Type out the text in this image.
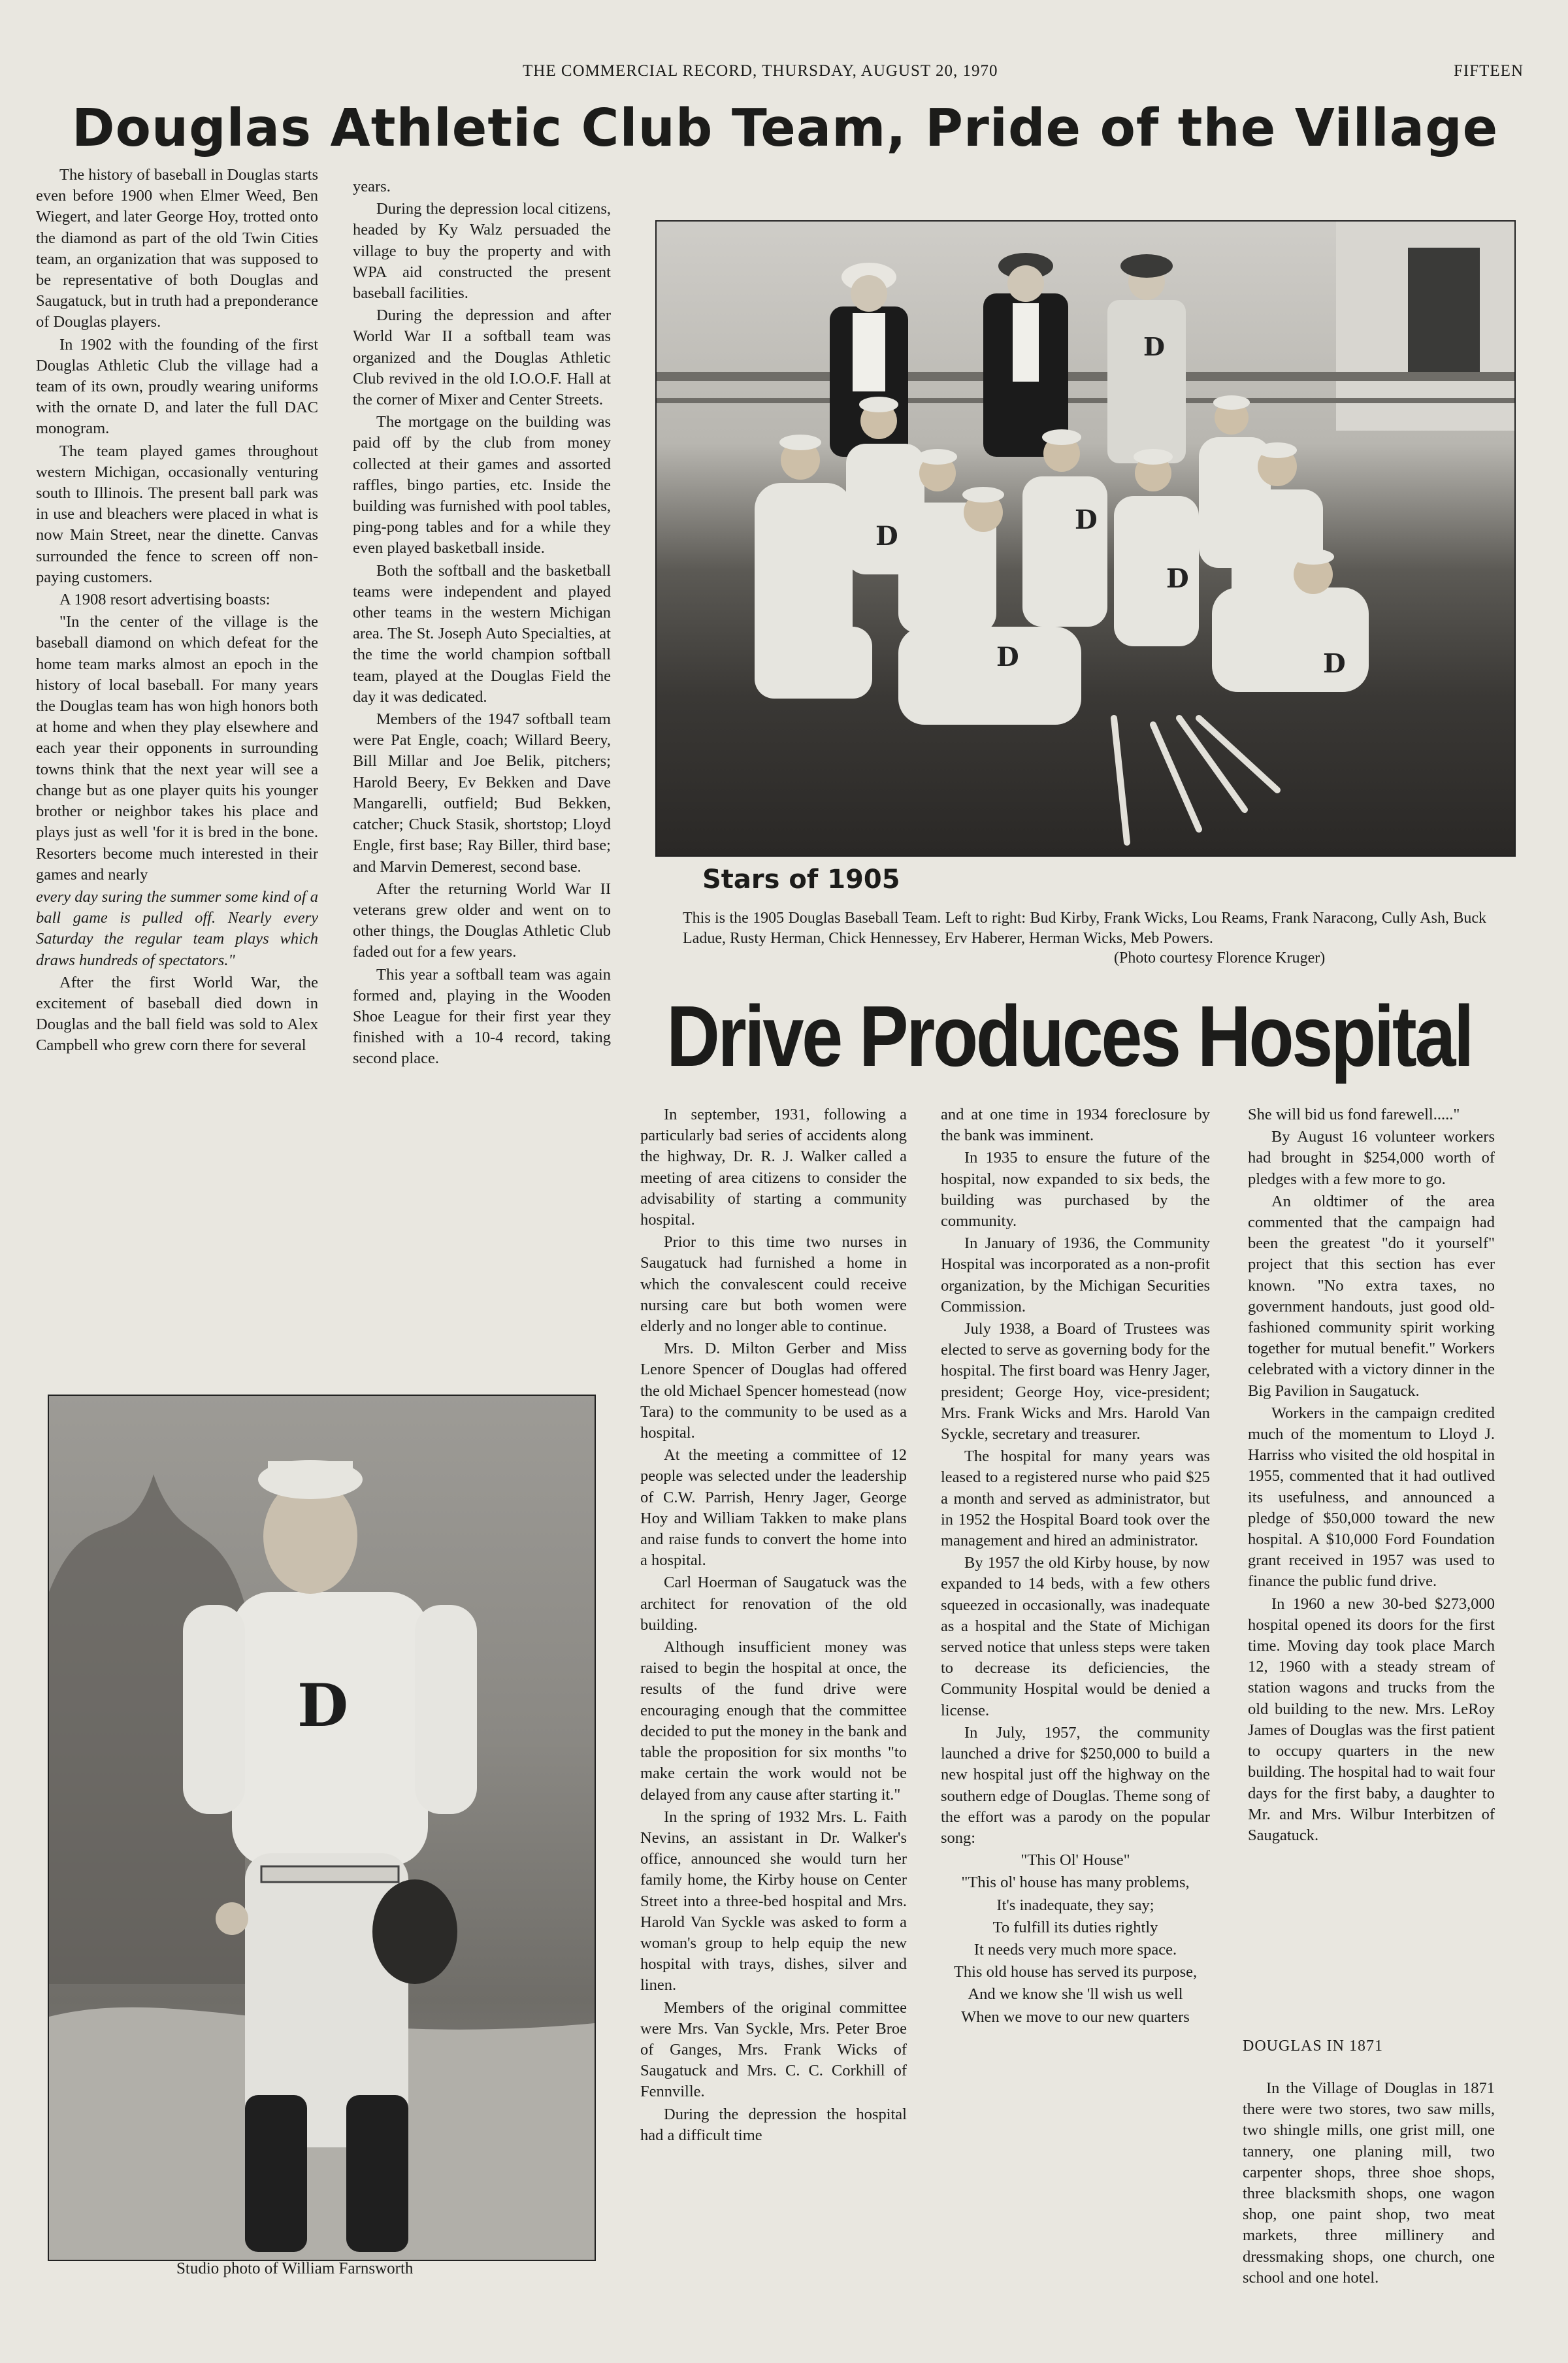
THE COMMERCIAL RECORD, THURSDAY, AUGUST 20, 1970	FIFTEEN
Douglas Athletic Club Team, Pride of the Village

The history of baseball in Douglas starts even before 1900 when Elmer Weed, Ben Wiegert, and later George Hoy, trotted onto the diamond as part of the old Twin Cities team, an organization that was supposed to be representative of both Douglas and Saugatuck, but in truth had a preponderance of Douglas players.

In 1902 with the founding of the first Douglas Athletic Club the village had a team of its own, proudly wearing uniforms with the ornate D, and later the full DAC monogram.

The team played games throughout western Michigan, occasionally venturing south to Illinois. The present ball park was in use and bleachers were placed in what is now Main Street, near the dinette. Canvas surrounded the fence to screen off non-paying customers.

A 1908 resort advertising boasts:

"In the center of the village is the baseball diamond on which defeat for the home team marks almost an epoch in the history of local baseball. For many years the Douglas team has won high honors both at home and when they play elsewhere and each year their opponents in surrounding towns think that the next year will see a change but as one player quits his younger brother or neighbor takes his place and plays just as well 'for it is bred in the bone. Resorters become much interested in their games and nearly

every day suring the summer some kind of a ball game is pulled off. Nearly every Saturday the regular team plays which draws hundreds of spectators."

After the first World War, the excitement of baseball died down in Douglas and the ball field was sold to Alex Campbell who grew corn there for several

years.

During the depression local citizens, headed by Ky Walz persuaded the village to buy the property and with WPA aid constructed the present baseball facilities.

During the depression and after World War II a softball team was organized and the Douglas Athletic Club revived in the old I.O.O.F. Hall at the corner of Mixer and Center Streets.

The mortgage on the building was paid off by the club from money collected at their games and assorted raffles, bingo parties, etc. Inside the building was furnished with pool tables, ping-pong tables and for a while they even played basketball inside.

Both the softball and the basketball teams were independent and played other teams in the western Michigan area. The St. Joseph Auto Specialties, at the time the world champion softball team, played at the Douglas Field the day it was dedicated.

Members of the 1947 softball team were Pat Engle, coach; Willard Beery, Bill Millar and Joe Belik, pitchers; Harold Beery, Ev Bekken and Dave Mangarelli, outfield; Bud Bekken, catcher; Chuck Stasik, shortstop; Lloyd Engle, first base; Ray Biller, third base; and Marvin Demerest, second base.

After the returning World War II veterans grew older and went on to other things, the Douglas Athletic Club faded out for a few years.

This year a softball team was again formed and, playing in the Wooden Shoe League for their first year they finished with a 10-4 record, taking second place.

D
D
D
D
D
D
Stars of 1905
This is the 1905 Douglas Baseball Team. Left to right: Bud Kirby, Frank Wicks, Lou Reams, Frank Naracong, Cully Ash, Buck Ladue, Rusty Herman, Chick Hennessey, Erv Haberer, Herman Wicks, Meb Powers.
(Photo courtesy Florence Kruger)
Drive Produces Hospital
D
Studio photo of William Farnsworth

In september, 1931, following a particularly bad series of accidents along the highway, Dr. R. J. Walker called a meeting of area citizens to consider the advisability of starting a community hospital.

Prior to this time two nurses in Saugatuck had furnished a home in which the convalescent could receive nursing care but both women were elderly and no longer able to continue.

Mrs. D. Milton Gerber and Miss Lenore Spencer of Douglas had offered the old Michael Spencer homestead (now Tara) to the community to be used as a hospital.

At the meeting a committee of 12 people was selected under the leadership of C.W. Parrish, Henry Jager, George Hoy and William Takken to make plans and raise funds to convert the home into a hospital.

Carl Hoerman of Saugatuck was the architect for renovation of the old building.

Although insufficient money was raised to begin the hospital at once, the results of the fund drive were encouraging enough that the committee decided to put the money in the bank and table the proposition for six months "to make certain the work would not be delayed from any cause after starting it."

In the spring of 1932 Mrs. L. Faith Nevins, an assistant in Dr. Walker's office, announced she would turn her family home, the Kirby house on Center Street into a three-bed hospital and Mrs. Harold Van Syckle was asked to form a woman's group to help equip the new hospital with trays, dishes, silver and linen.

Members of the original committee were Mrs. Van Syckle, Mrs. Peter Broe of Ganges, Mrs. Frank Wicks of Saugatuck and Mrs. C. C. Corkhill of Fennville.

During the depression the hospital had a difficult time

and at one time in 1934 foreclosure by the bank was imminent.

In 1935 to ensure the future of the hospital, now expanded to six beds, the building was purchased by the community.

In January of 1936, the Community Hospital was incorporated as a non-profit organization, by the Michigan Securities Commission.

July 1938, a Board of Trustees was elected to serve as governing body for the hospital. The first board was Henry Jager, president; George Hoy, vice-president; Mrs. Frank Wicks and Mrs. Harold Van Syckle, secretary and treasurer.

The hospital for many years was leased to a registered nurse who paid $25 a month and served as administrator, but in 1952 the Hospital Board took over the management and hired an administrator.

By 1957 the old Kirby house, by now expanded to 14 beds, with a few others squeezed in occasionally, was inadequate as a hospital and the State of Michigan served notice that unless steps were taken to decrease its deficiencies, the Community Hospital would be denied a license.

In July, 1957, the community launched a drive for $250,000 to build a new hospital just off the highway on the southern edge of Douglas. Theme song of the effort was a parody on the popular song:

"This Ol' House"

"This ol' house has many problems,

It's inadequate, they say;

To fulfill its duties rightly

It needs very much more space.

This old house has served its purpose,

And we know she 'll wish us well

When we move to our new quarters

She will bid us fond farewell....."

By August 16 volunteer workers had brought in $254,000 worth of pledges with a few more to go.

An oldtimer of the area commented that the campaign had been the greatest "do it yourself" project that this section has ever known. "No extra taxes, no government handouts, just good old-fashioned community spirit working together for mutual benefit." Workers celebrated with a victory dinner in the Big Pavilion in Saugatuck.

Workers in the campaign credited much of the momentum to Lloyd J. Harriss who visited the old hospital in 1955, commented that it had outlived its usefulness, and announced a pledge of $50,000 toward the new hospital. A $10,000 Ford Foundation grant received in 1957 was used to finance the public fund drive.

In 1960 a new 30-bed $273,000 hospital opened its doors for the first time. Moving day took place March 12, 1960 with a steady stream of station wagons and trucks from the old building to the new. Mrs. LeRoy James of Douglas was the first patient to occupy quarters in the new building. The hospital had to wait four days for the first baby, a daughter to Mr. and Mrs. Wilbur Interbitzen of Saugatuck.

DOUGLAS IN 1871

In the Village of Douglas in 1871 there were two stores, two saw mills, two shingle mills, one grist mill, one tannery, one planing mill, two carpenter shops, three shoe shops, three blacksmith shops, one wagon shop, one paint shop, two meat markets, three millinery and dressmaking shops, one church, one school and one hotel.
